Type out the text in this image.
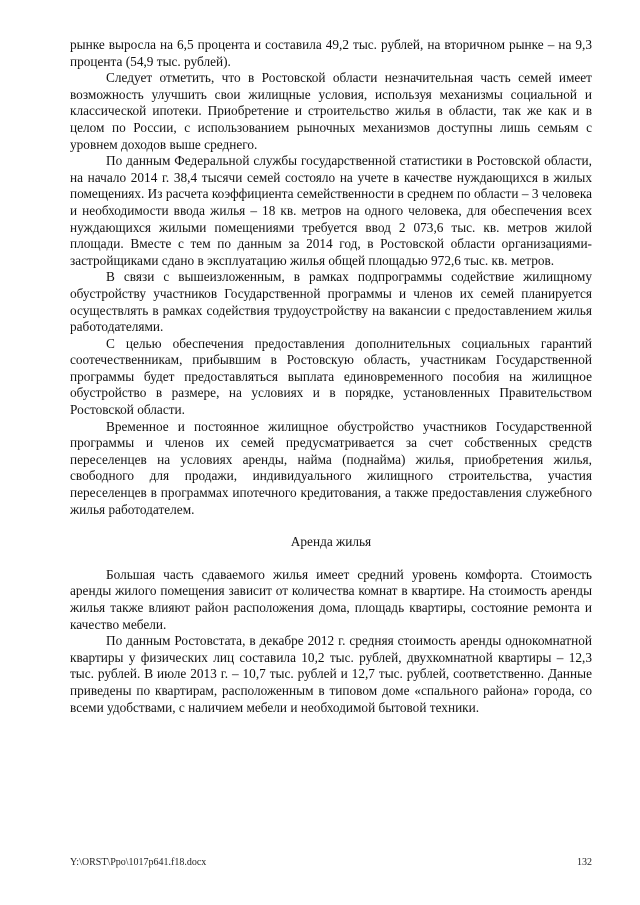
рынке выросла на 6,5 процента и составила 49,2 тыс. рублей, на вторичном рынке – на 9,3 процента (54,9 тыс. рублей).

Следует отметить, что в Ростовской области незначительная часть семей имеет возможность улучшить свои жилищные условия, используя механизмы социальной и классической ипотеки. Приобретение и строительство жилья в области, так же как и в целом по России, с использованием рыночных механизмов доступны лишь семьям с уровнем доходов выше среднего.

По данным Федеральной службы государственной статистики в Ростовской области, на начало 2014 г. 38,4 тысячи семей состояло на учете в качестве нуждающихся в жилых помещениях. Из расчета коэффициента семейственности в среднем по области – 3 человека и необходимости ввода жилья – 18 кв. метров на одного человека, для обеспечения всех нуждающихся жилыми помещениями требуется ввод 2 073,6 тыс. кв. метров жилой площади. Вместе с тем по данным за 2014 год, в Ростовской области организациями-застройщиками сдано в эксплуатацию жилья общей площадью 972,6 тыс. кв. метров.

В связи с вышеизложенным, в рамках подпрограммы содействие жилищному обустройству участников Государственной программы и членов их семей планируется осуществлять в рамках содействия трудоустройству на вакансии с предоставлением жилья работодателями.

С целью обеспечения предоставления дополнительных социальных гарантий соотечественникам, прибывшим в Ростовскую область, участникам Государственной программы будет предоставляться выплата единовременного пособия на жилищное обустройство в размере, на условиях и в порядке, установленных Правительством Ростовской области.

Временное и постоянное жилищное обустройство участников Государственной программы и членов их семей предусматривается за счет собственных средств переселенцев на условиях аренды, найма (поднайма) жилья, приобретения жилья, свободного для продажи, индивидуального жилищного строительства, участия переселенцев в программах ипотечного кредитования, а также предоставления служебного жилья работодателем.

Аренда жилья

Большая часть сдаваемого жилья имеет средний уровень комфорта. Стоимость аренды жилого помещения зависит от количества комнат в квартире. На стоимость аренды жилья также влияют район расположения дома, площадь квартиры, состояние ремонта и качество мебели.

По данным Ростовстата, в декабре 2012 г. средняя стоимость аренды однокомнатной квартиры у физических лиц составила 10,2 тыс. рублей, двухкомнатной квартиры – 12,3 тыс. рублей. В июле 2013 г. – 10,7 тыс. рублей и 12,7 тыс. рублей, соответственно. Данные приведены по квартирам, расположенным в типовом доме «спального района» города, со всеми удобствами, с наличием мебели и необходимой бытовой техники.

Y:\ORST\Ppo\1017p641.f18.docx	132
